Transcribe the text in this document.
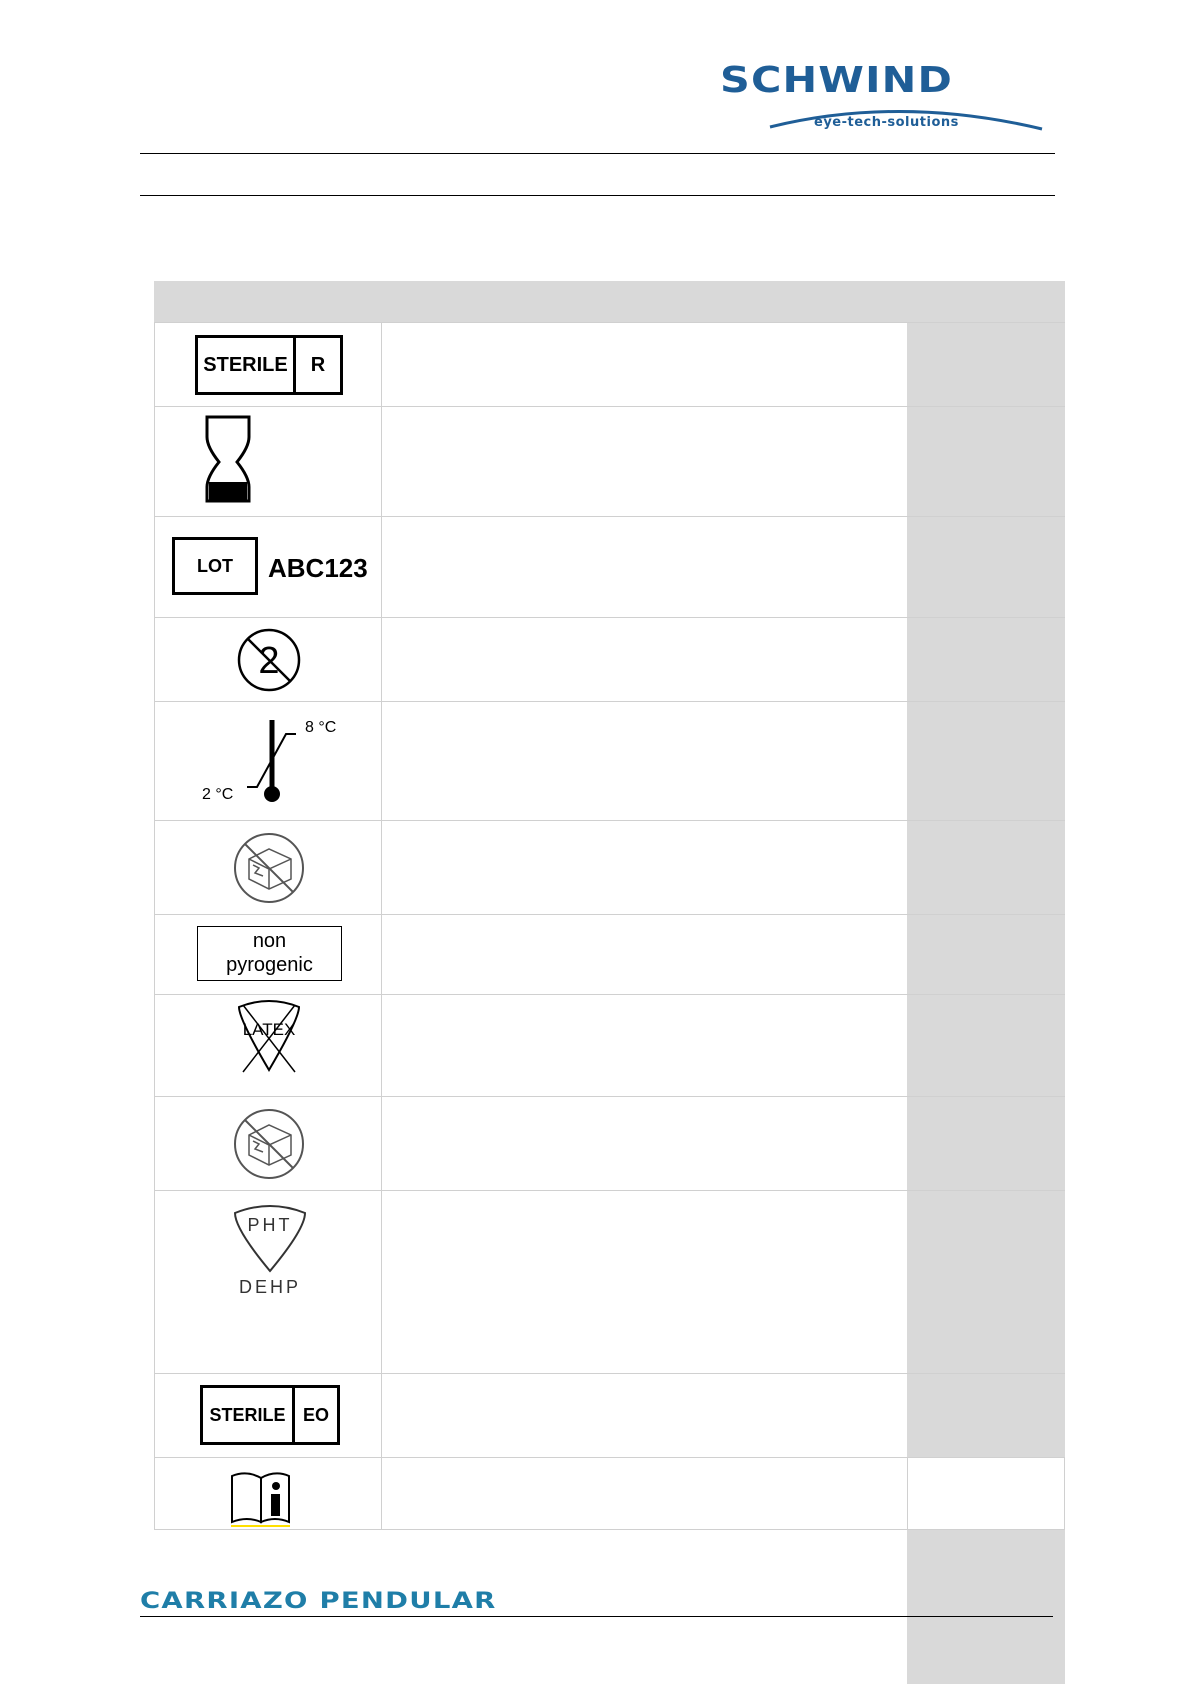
SCHWIND
eye-tech-solutions
STERILE	R
LOT	ABC123
2
8 °C
2 °C
non
pyrogenic
LATEX
PHT
DEHP
STERILE EO
CARRIAZO PENDULAR
